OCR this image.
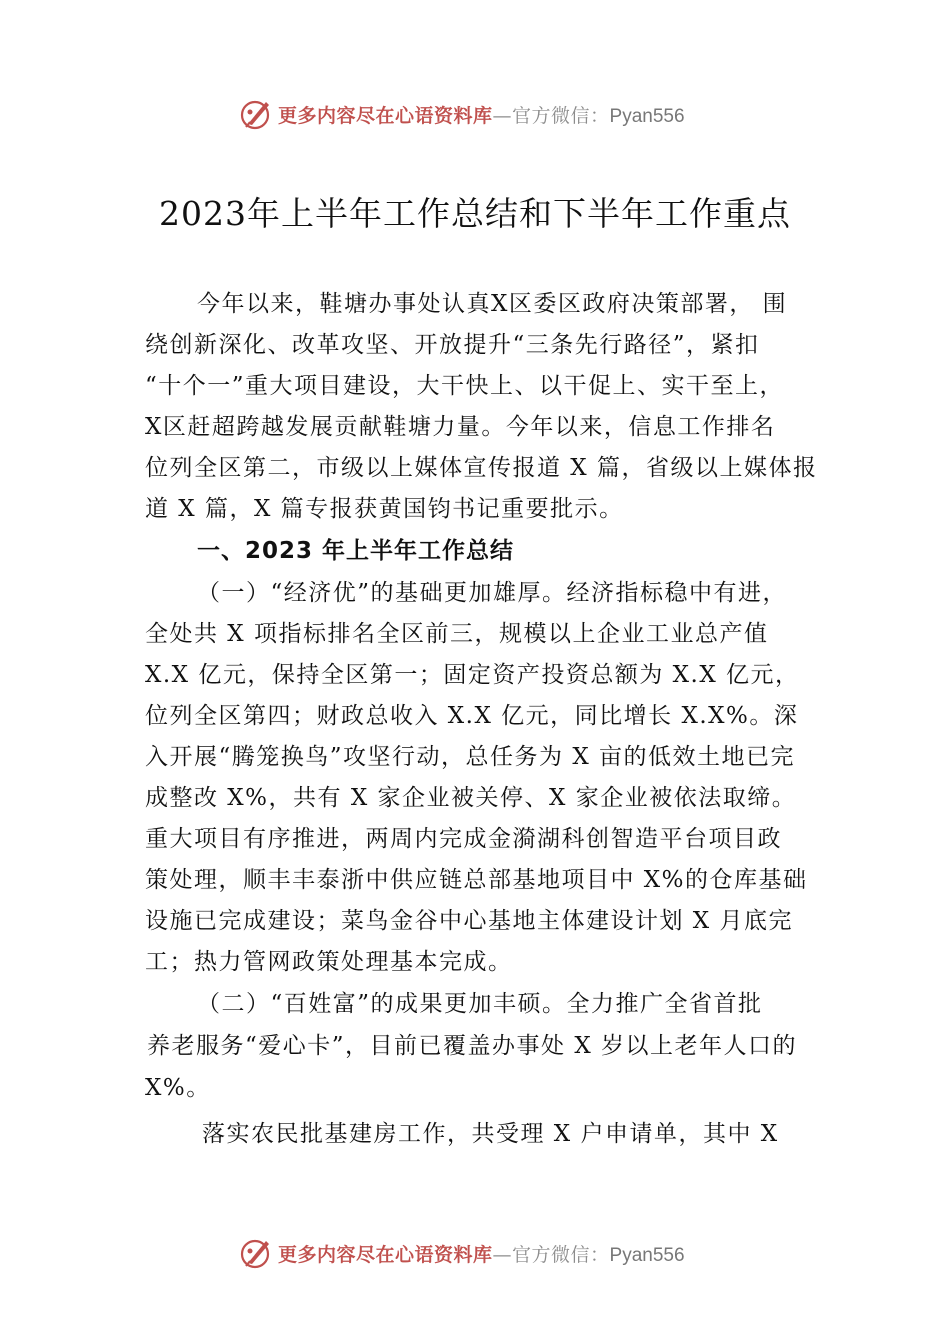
更多内容尽在心语资料库—官方微信：Pyan556
2023年上半年工作总结和下半年工作重点
今年以来，鞋塘办事处认真X区委区政府决策部署， 围
绕创新深化、改革攻坚、开放提升“三条先行路径”，紧扣
“十个一”重大项目建设，大干快上、以干促上、实干至上，
X区赶超跨越发展贡献鞋塘力量。今年以来，信息工作排名
位列全区第二，市级以上媒体宣传报道 X 篇，省级以上媒体报
道 X 篇，X 篇专报获黄国钧书记重要批示。
一、2023 年上半年工作总结
（一）“经济优”的基础更加雄厚。经济指标稳中有进，
全处共 X 项指标排名全区前三，规模以上企业工业总产值
X.X 亿元，保持全区第一；固定资产投资总额为 X.X 亿元，
位列全区第四；财政总收入 X.X 亿元，同比增长 X.X%。深
入开展“腾笼换鸟”攻坚行动，总任务为 X 亩的低效土地已完
成整改 X%，共有 X 家企业被关停、X 家企业被依法取缔。
重大项目有序推进，两周内完成金漪湖科创智造平台项目政
策处理，顺丰丰泰浙中供应链总部基地项目中 X%的仓库基础
设施已完成建设；菜鸟金谷中心基地主体建设计划 X 月底完
工；热力管网政策处理基本完成。
（二）“百姓富”的成果更加丰硕。全力推广全省首批
养老服务“爱心卡”，目前已覆盖办事处 X 岁以上老年人口的
X%。
落实农民批基建房工作，共受理 X 户申请单，其中 X
更多内容尽在心语资料库—官方微信：Pyan556
